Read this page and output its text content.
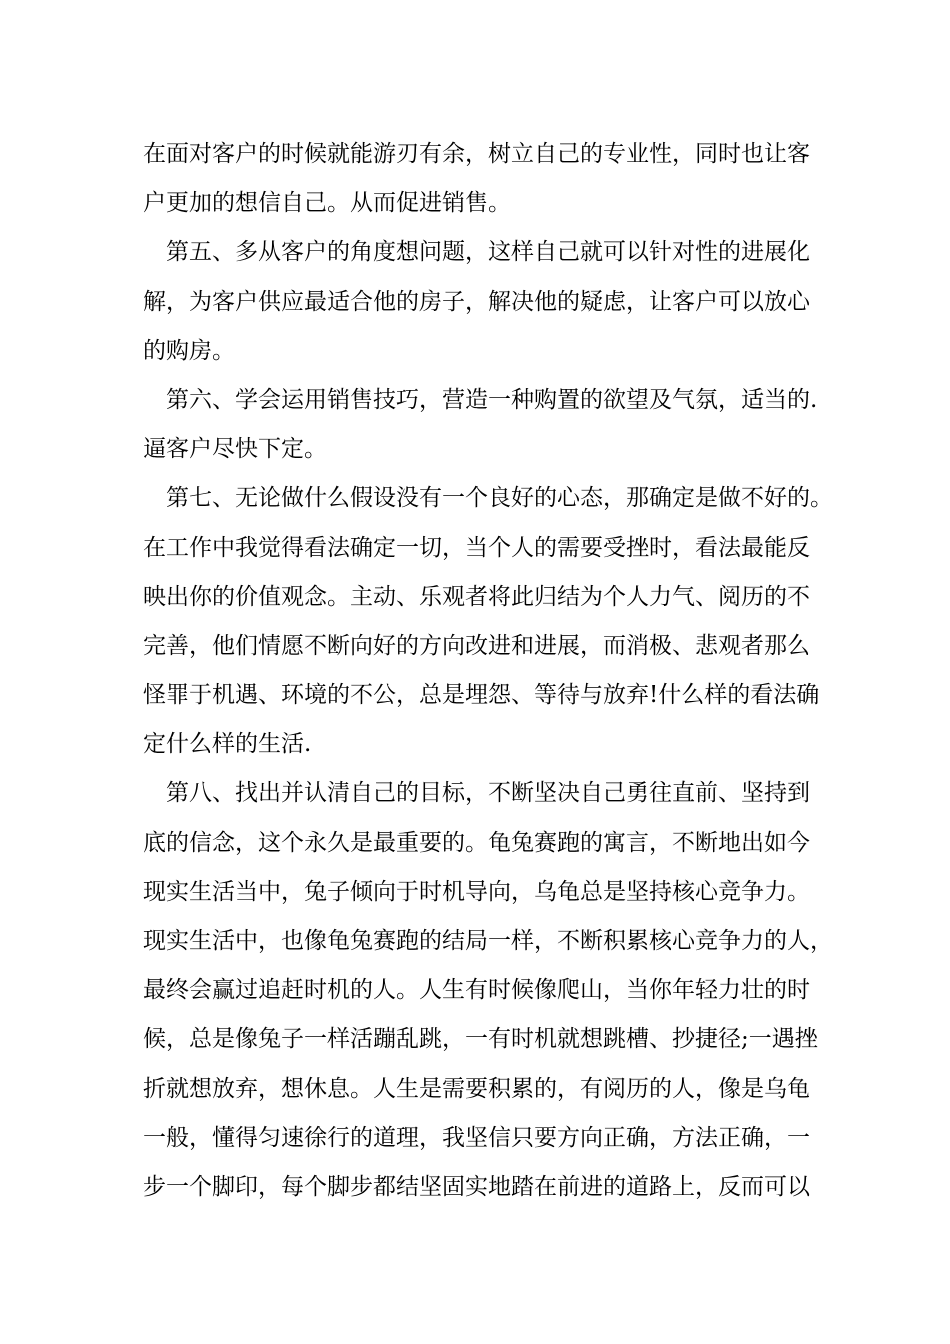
在面对客户的时候就能游刃有余，树立自己的专业性，同时也让客
户更加的想信自己。从而促进销售。
第五、多从客户的角度想问题，这样自己就可以针对性的进展化
解，为客户供应最适合他的房子，解决他的疑虑，让客户可以放心
的购房。
第六、学会运用销售技巧，营造一种购置的欲望及气氛，适当的.
逼客户尽快下定。
第七、无论做什么假设没有一个良好的心态，那确定是做不好的。
在工作中我觉得看法确定一切，当个人的需要受挫时，看法最能反
映出你的价值观念。主动、乐观者将此归结为个人力气、阅历的不
完善，他们情愿不断向好的方向改进和进展，而消极、悲观者那么
怪罪于机遇、环境的不公，总是埋怨、等待与放弃!什么样的看法确
定什么样的生活.
第八、找出并认清自己的目标，不断坚决自己勇往直前、坚持到
底的信念，这个永久是最重要的。龟兔赛跑的寓言，不断地出如今
现实生活当中，兔子倾向于时机导向，乌龟总是坚持核心竞争力。
现实生活中，也像龟兔赛跑的结局一样，不断积累核心竞争力的人，
最终会赢过追赶时机的人。人生有时候像爬山，当你年轻力壮的时
候，总是像兔子一样活蹦乱跳，一有时机就想跳槽、抄捷径;一遇挫
折就想放弃，想休息。人生是需要积累的，有阅历的人，像是乌龟
一般，懂得匀速徐行的道理，我坚信只要方向正确，方法正确，一
步一个脚印，每个脚步都结坚固实地踏在前进的道路上，反而可以
